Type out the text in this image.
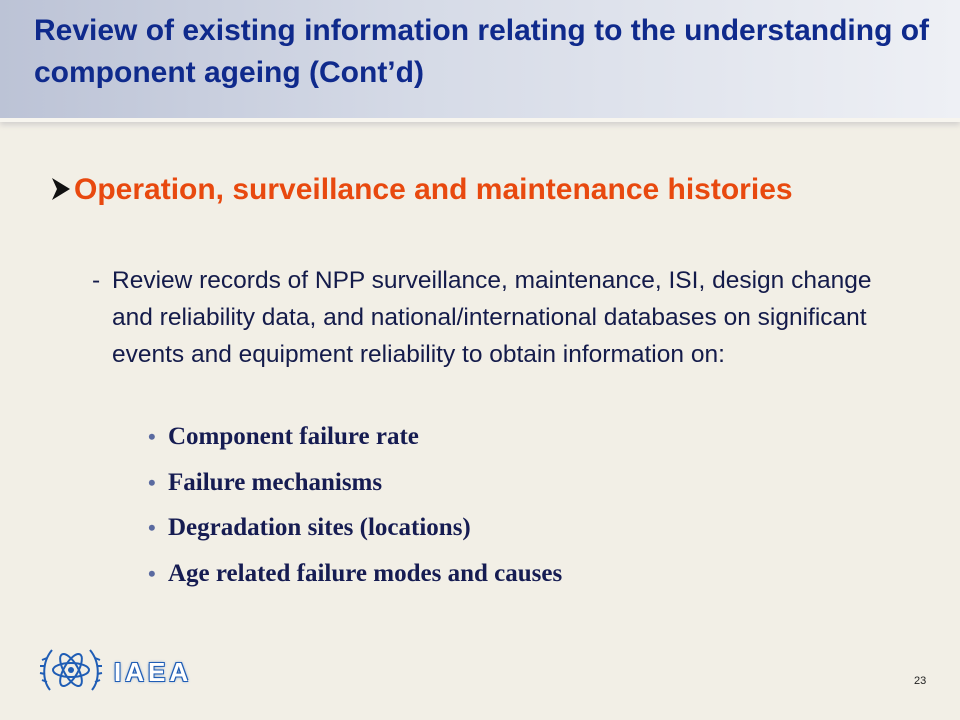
Review of existing information relating to the understanding of component ageing (Cont’d)
Operation, surveillance and maintenance histories
- Review records of NPP surveillance, maintenance, ISI, design change and reliability data, and national/international databases on significant events and equipment reliability to obtain information on:
• Component failure rate
• Failure mechanisms
• Degradation sites (locations)
• Age related failure modes and causes
IAEA	23
